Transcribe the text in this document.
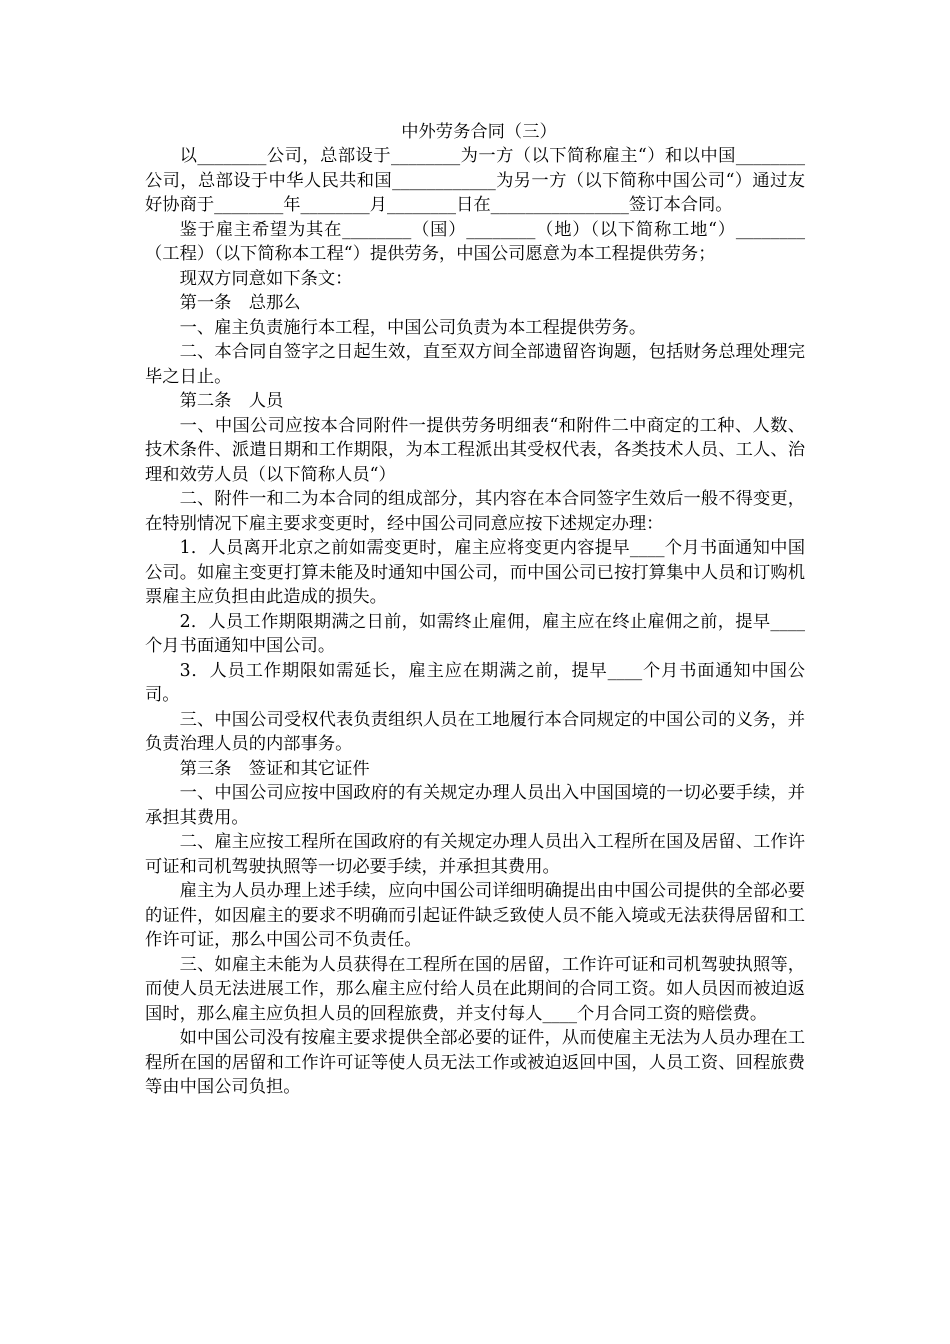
中外劳务合同（三）

以________公司，总部设于________为一方（以下简称雇主“）和以中国________公司，总部设于中华人民共和国____________为另一方（以下简称中国公司“）通过友好协商于________年________月________日在________________签订本合同。

鉴于雇主希望为其在________（国）________（地）（以下简称工地“）________（工程）（以下简称本工程“）提供劳务，中国公司愿意为本工程提供劳务；

现双方同意如下条文：

第一条　总那么

一、雇主负责施行本工程，中国公司负责为本工程提供劳务。

二、本合同自签字之日起生效，直至双方间全部遗留咨询题，包括财务总理处理完毕之日止。

第二条　人员

一、中国公司应按本合同附件一提供劳务明细表“和附件二中商定的工种、人数、技术条件、派遣日期和工作期限，为本工程派出其受权代表，各类技术人员、工人、治理和效劳人员（以下简称人员“）

二、附件一和二为本合同的组成部分，其内容在本合同签字生效后一般不得变更，在特别情况下雇主要求变更时，经中国公司同意应按下述规定办理：

1．人员离开北京之前如需变更时，雇主应将变更内容提早____个月书面通知中国公司。如雇主变更打算未能及时通知中国公司，而中国公司已按打算集中人员和订购机票雇主应负担由此造成的损失。

2．人员工作期限期满之日前，如需终止雇佣，雇主应在终止雇佣之前，提早____个月书面通知中国公司。

3．人员工作期限如需延长，雇主应在期满之前，提早____个月书面通知中国公司。

三、中国公司受权代表负责组织人员在工地履行本合同规定的中国公司的义务，并负责治理人员的内部事务。

第三条　签证和其它证件

一、中国公司应按中国政府的有关规定办理人员出入中国国境的一切必要手续，并承担其费用。

二、雇主应按工程所在国政府的有关规定办理人员出入工程所在国及居留、工作许可证和司机驾驶执照等一切必要手续，并承担其费用。

雇主为人员办理上述手续，应向中国公司详细明确提出由中国公司提供的全部必要的证件，如因雇主的要求不明确而引起证件缺乏致使人员不能入境或无法获得居留和工作许可证，那么中国公司不负责任。

三、如雇主未能为人员获得在工程所在国的居留，工作许可证和司机驾驶执照等，而使人员无法进展工作，那么雇主应付给人员在此期间的合同工资。如人员因而被迫返国时，那么雇主应负担人员的回程旅费，并支付每人____个月合同工资的赔偿费。

如中国公司没有按雇主要求提供全部必要的证件，从而使雇主无法为人员办理在工程所在国的居留和工作许可证等使人员无法工作或被迫返回中国，人员工资、回程旅费等由中国公司负担。
